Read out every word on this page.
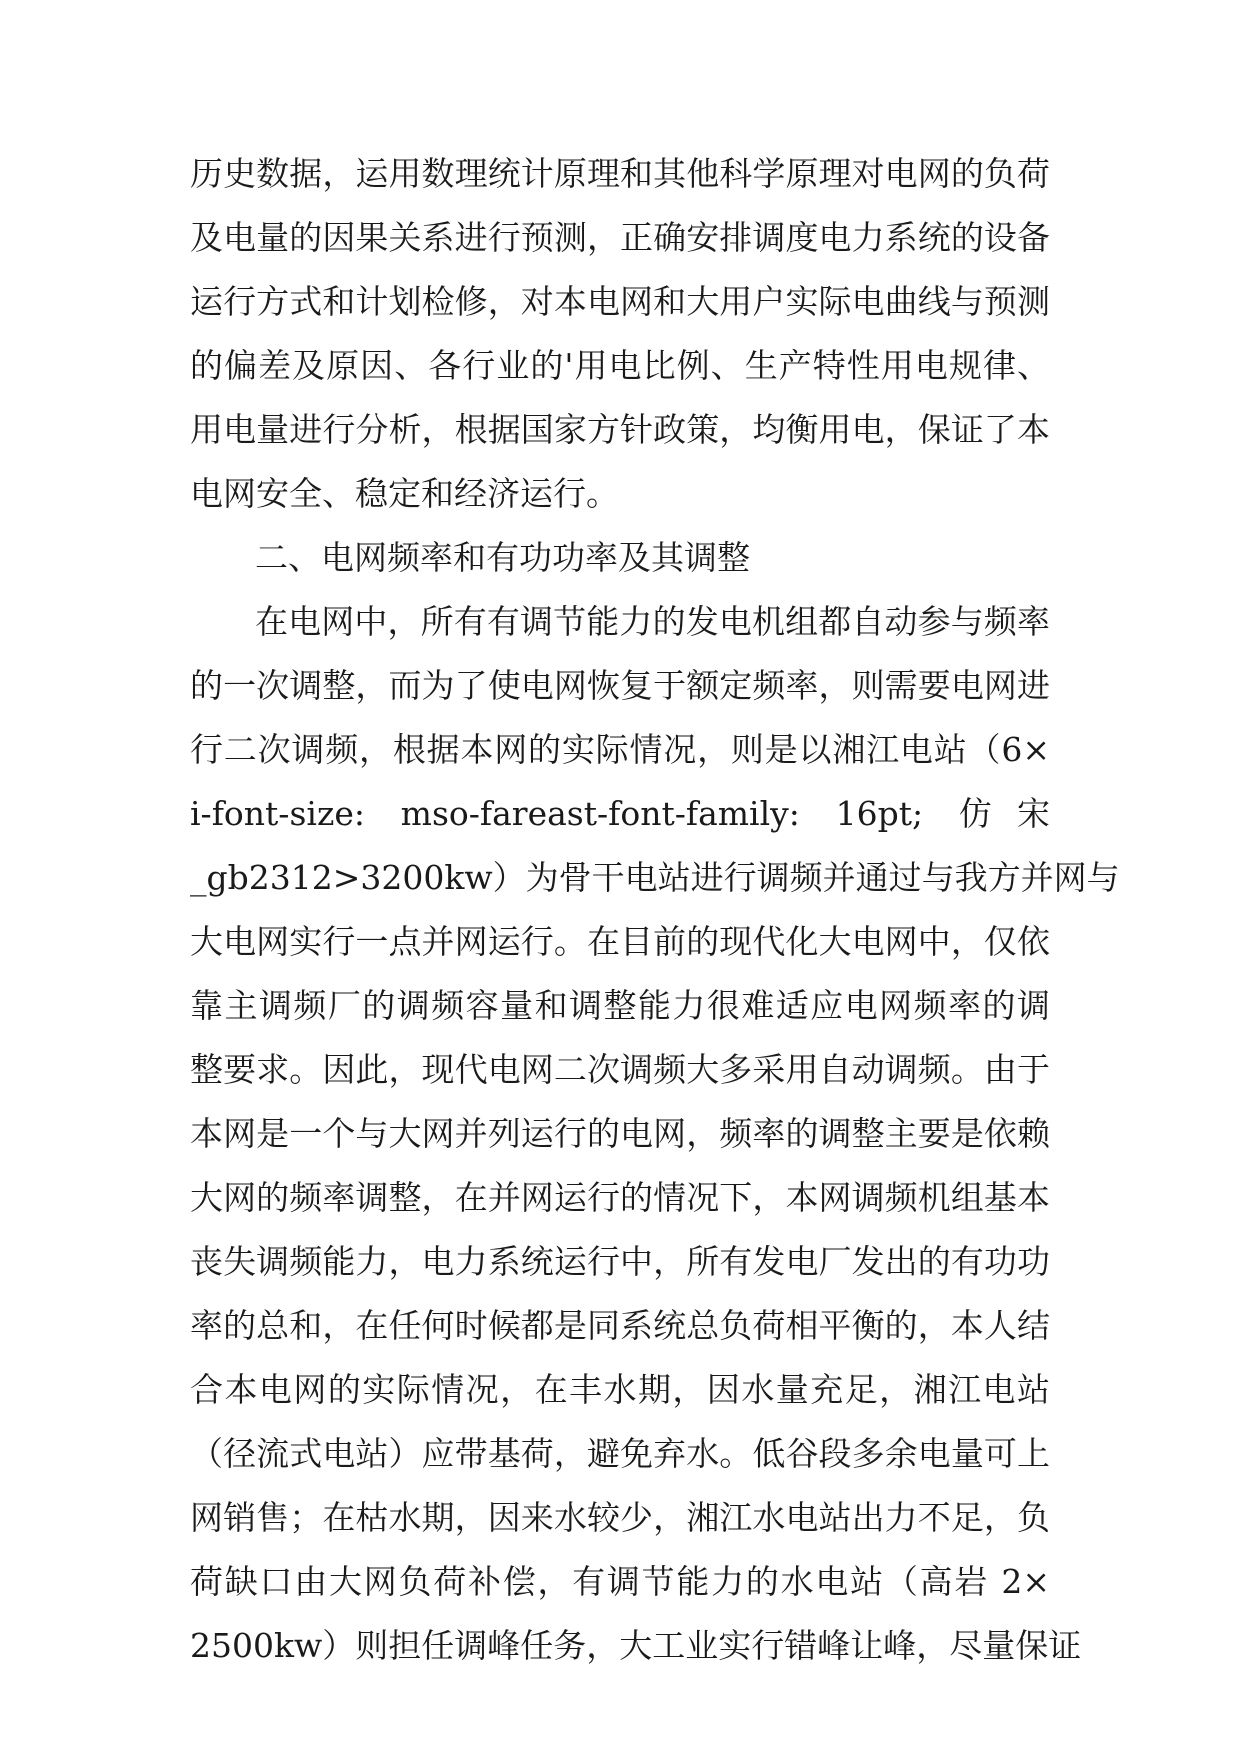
历史数据，运用数理统计原理和其他科学原理对电网的负荷

及电量的因果关系进行预测，正确安排调度电力系统的设备

运行方式和计划检修，对本电网和大用户实际电曲线与预测

的偏差及原因、各行业的'用电比例、生产特性用电规律、

用电量进行分析，根据国家方针政策，均衡用电，保证了本

电网安全、稳定和经济运行。

二、电网频率和有功功率及其调整

在电网中，所有有调节能力的发电机组都自动参与频率

的一次调整，而为了使电网恢复于额定频率，则需要电网进

行二次调频，根据本网的实际情况，则是以湘江电站（6×

i-font-size: mso-fareast-font-family: 16pt; 仿宋

_gb2312>3200kw）为骨干电站进行调频并通过与我方并网与

大电网实行一点并网运行。在目前的现代化大电网中，仅依

靠主调频厂的调频容量和调整能力很难适应电网频率的调

整要求。因此，现代电网二次调频大多采用自动调频。由于

本网是一个与大网并列运行的电网，频率的调整主要是依赖

大网的频率调整，在并网运行的情况下，本网调频机组基本

丧失调频能力，电力系统运行中，所有发电厂发出的有功功

率的总和，在任何时候都是同系统总负荷相平衡的，本人结

合本电网的实际情况，在丰水期，因水量充足，湘江电站

（径流式电站）应带基荷，避免弃水。低谷段多余电量可上

网销售；在枯水期，因来水较少，湘江水电站出力不足，负

荷缺口由大网负荷补偿，有调节能力的水电站（高岩 2×

2500kw）则担任调峰任务，大工业实行错峰让峰，尽量保证
